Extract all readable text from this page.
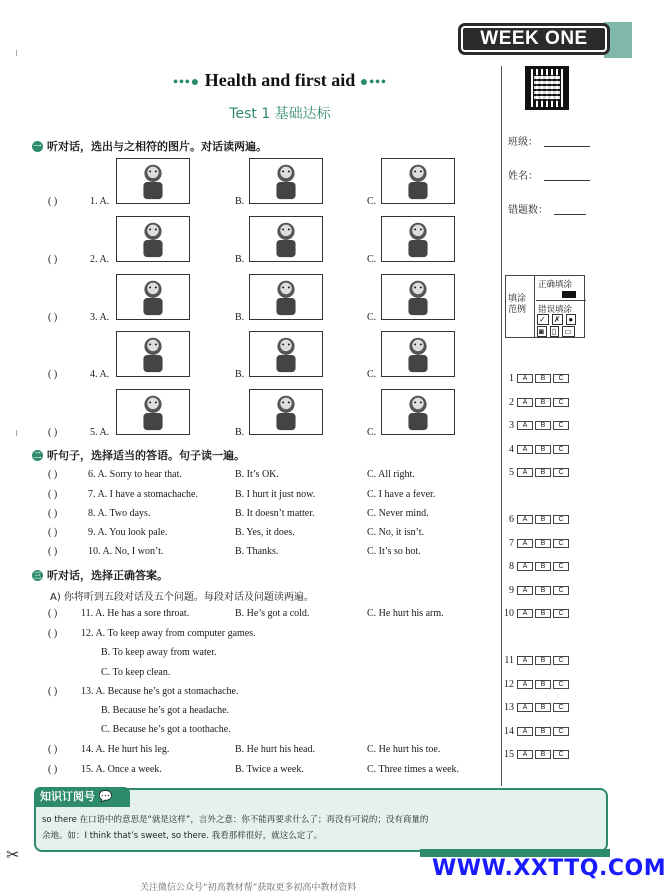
WEEK ONE
•••● Health and first aid ●•••
Test 1 基础达标
班级：
姓名：
错题数：
填涂范例
正确填涂
错误填涂
✓ ✗ ●
◙ ▯ ▭
1	A	B	C
2	A	B	C
3	A	B	C
4	A	B	C
5	A	B	C
6	A	B	C
7	A	B	C
8	A	B	C
9	A	B	C
10	A	B	C
11	A	B	C
12	A	B	C
13	A	B	C
14	A	B	C
15	A	B	C
一 听对话，选出与之相符的图片。对话读两遍。
( )	1. A.	B.	C.
( )	2. A.	B.	C.
( )	3. A.	B.	C.
( )	4. A.	B.	C.
( )	5. A.	B.	C.
二 听句子，选择适当的答语。句子读一遍。
( )	6. A. Sorry to hear that.	B. It’s OK.	C. All right.
( )	7. A. I have a stomachache.	B. I hurt it just now.	C. I have a fever.
( )	8. A. Two days.	B. It doesn’t matter.	C. Never mind.
( )	9. A. You look pale.	B. Yes, it does.	C. No, it isn’t.
( )	10. A. No, I won’t.	B. Thanks.	C. It’s so hot.
三 听对话，选择正确答案。
A) 你将听到五段对话及五个问题。每段对话及问题读两遍。
( ) 11. A. He has a sore throat.	B. He’s got a cold.	C. He hurt his arm.
( ) 12. A. To keep away from computer games.
B. To keep away from water.
C. To keep clean.
( ) 13. A. Because he’s got a stomachache.
B. Because he’s got a headache.
C. Because he’s got a toothache.
( ) 14. A. He hurt his leg.	B. He hurt his head.	C. He hurt his toe.
( ) 15. A. Once a week.	B. Twice a week.	C. Three times a week.
知识订阅号 💬
so there 在口语中的意思是“就是这样”，言外之意：你不能再要求什么了；再没有可说的；没有商量的
余地。如：I think that’s sweet, so there. 我看那样很好，就这么定了。
✂
WWW.XXTTQ.COM
关注微信公众号“初高教材帮”获取更多初高中教材资料
